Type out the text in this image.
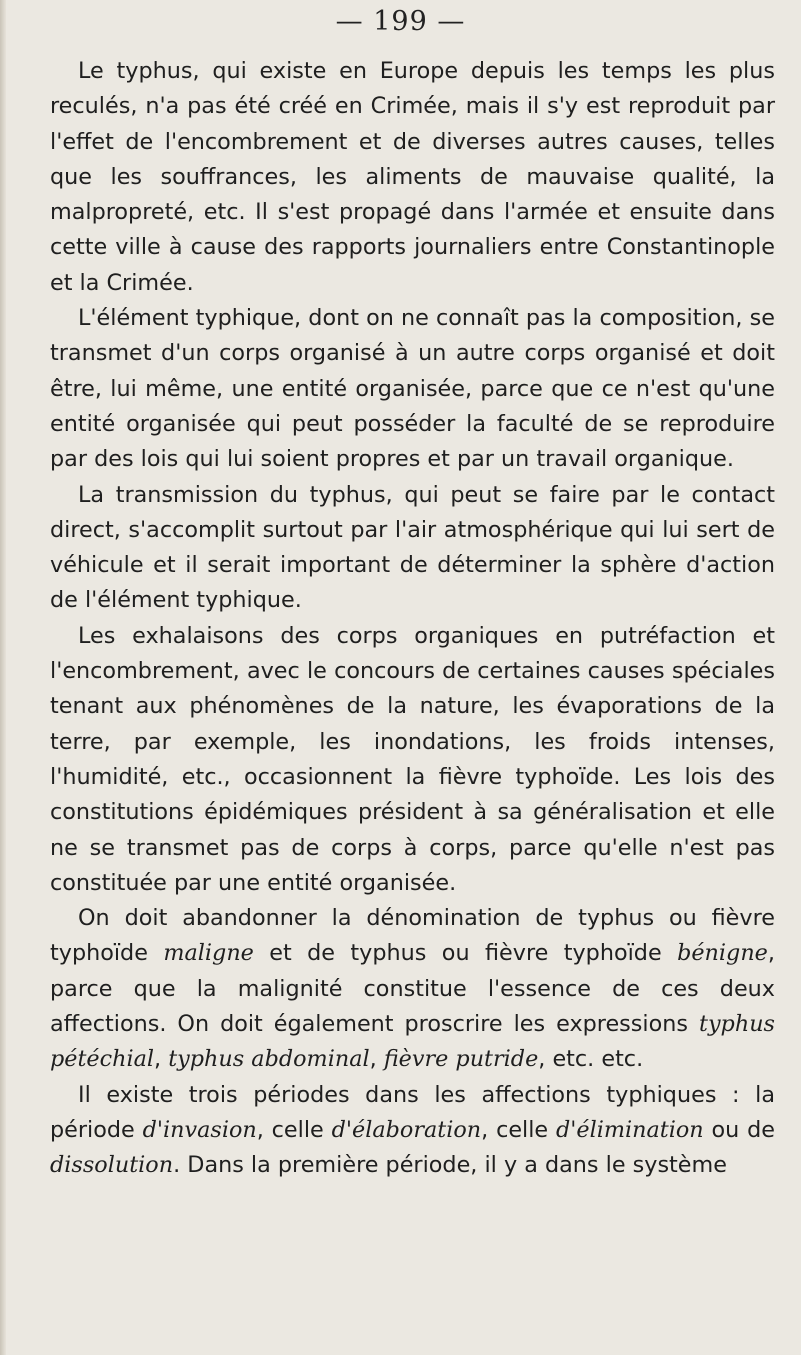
— 199 —

Le typhus, qui existe en Europe depuis les temps les plus reculés, n'a pas été créé en Crimée, mais il s'y est reproduit par l'effet de l'encombrement et de diverses autres causes, telles que les souffrances, les aliments de mauvaise qualité, la malpropreté, etc. Il s'est propagé dans l'armée et ensuite dans cette ville à cause des rapports journaliers entre Constantinople et la Crimée.

L'élément typhique, dont on ne connaît pas la composition, se transmet d'un corps organisé à un autre corps organisé et doit être, lui même, une entité organisée, parce que ce n'est qu'une entité organisée qui peut posséder la faculté de se reproduire par des lois qui lui soient propres et par un travail organique.

La transmission du typhus, qui peut se faire par le contact direct, s'accomplit surtout par l'air atmosphérique qui lui sert de véhicule et il serait important de déterminer la sphère d'action de l'élément typhique.

Les exhalaisons des corps organiques en putréfaction et l'encombrement, avec le concours de certaines causes spéciales tenant aux phénomènes de la nature, les évaporations de la terre, par exemple, les inondations, les froids intenses, l'humidité, etc., occasionnent la fièvre typhoïde. Les lois des constitutions épidémiques président à sa généralisation et elle ne se transmet pas de corps à corps, parce qu'elle n'est pas constituée par une entité organisée.

On doit abandonner la dénomination de typhus ou fièvre typhoïde maligne et de typhus ou fièvre typhoïde bénigne, parce que la malignité constitue l'essence de ces deux affections. On doit également proscrire les expressions typhus pétéchial, typhus abdominal, fièvre putride, etc. etc.

Il existe trois périodes dans les affections typhiques : la période d'invasion, celle d'élaboration, celle d'élimination ou de dissolution. Dans la première période, il y a dans le système
